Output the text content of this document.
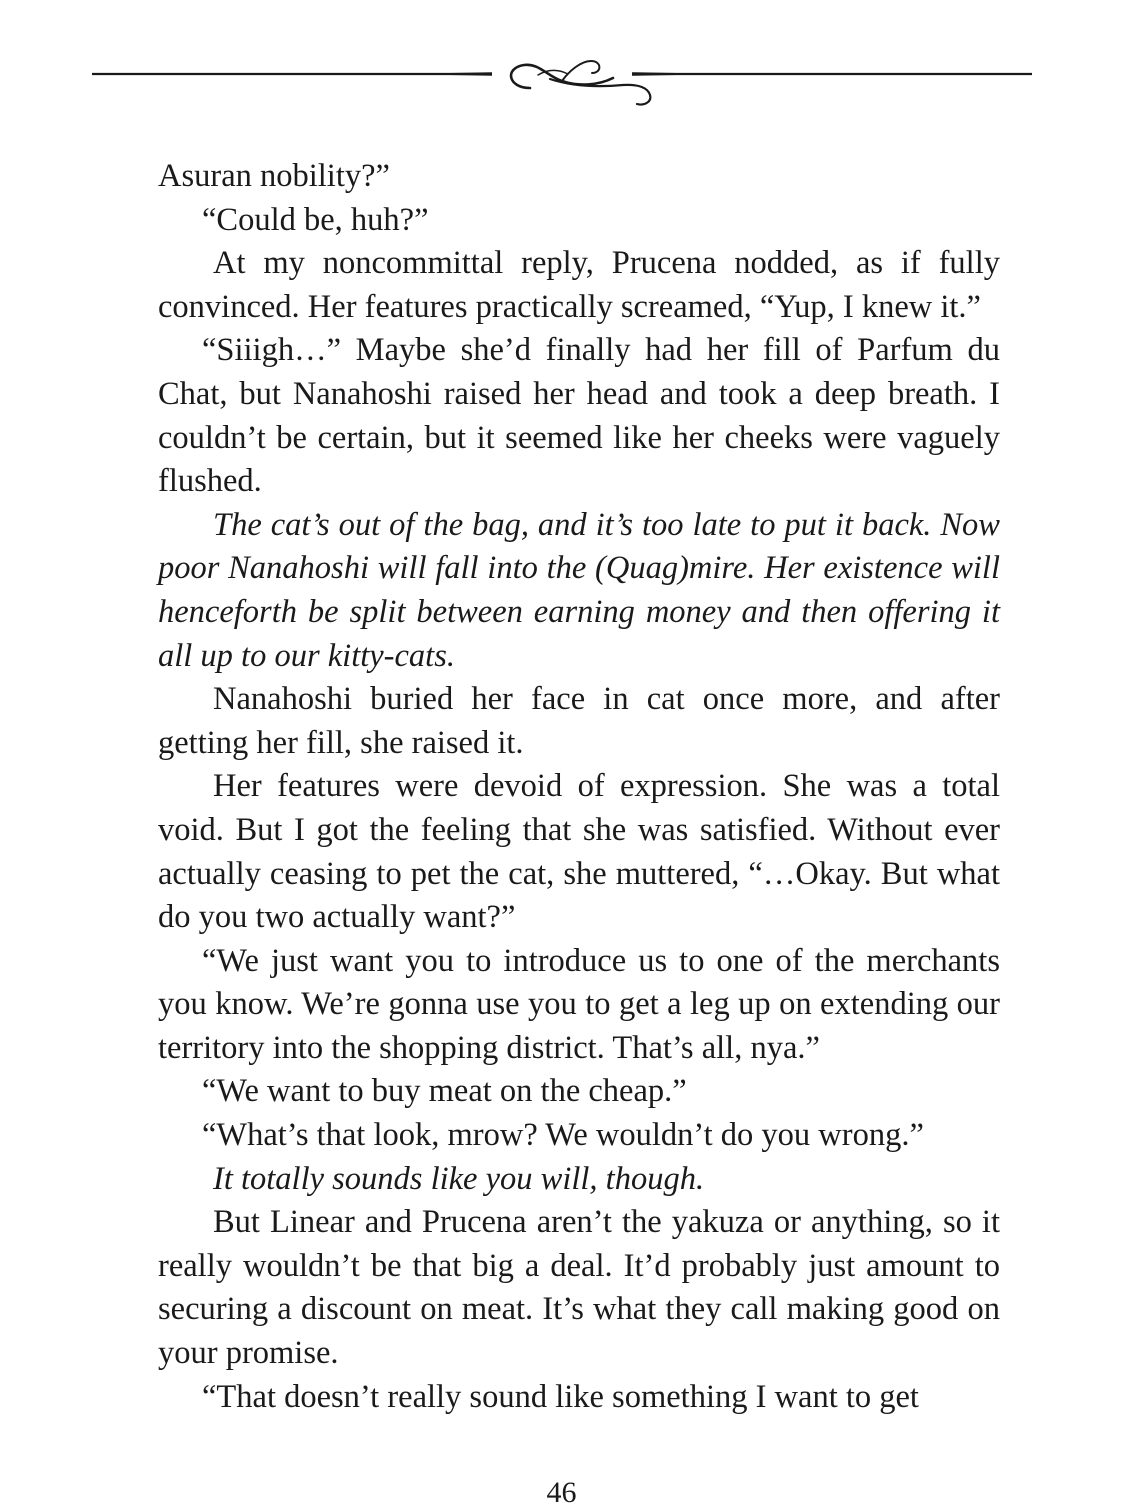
Asuran nobility?”

“Could be, huh?”

At my noncommittal reply, Prucena nodded, as if fully convinced. Her features practically screamed, “Yup, I knew it.”

“Siiigh…” Maybe she’d finally had her fill of Parfum du Chat, but Nanahoshi raised her head and took a deep breath. I couldn’t be certain, but it seemed like her cheeks were vaguely flushed.

The cat’s out of the bag, and it’s too late to put it back. Now poor Nanahoshi will fall into the (Quag)mire. Her existence will henceforth be split between earning money and then offering it all up to our kitty-cats.

Nanahoshi buried her face in cat once more, and after getting her fill, she raised it.

Her features were devoid of expression. She was a total void. But I got the feeling that she was satisfied. Without ever actually ceasing to pet the cat, she muttered, “…Okay. But what do you two actually want?”

“We just want you to introduce us to one of the merchants you know. We’re gonna use you to get a leg up on extending our territory into the shopping district. That’s all, nya.”

“We want to buy meat on the cheap.”

“What’s that look, mrow? We wouldn’t do you wrong.”

It totally sounds like you will, though.

But Linear and Prucena aren’t the yakuza or anything, so it really wouldn’t be that big a deal. It’d probably just amount to securing a discount on meat. It’s what they call making good on your promise.

“That doesn’t really sound like something I want to get

46
